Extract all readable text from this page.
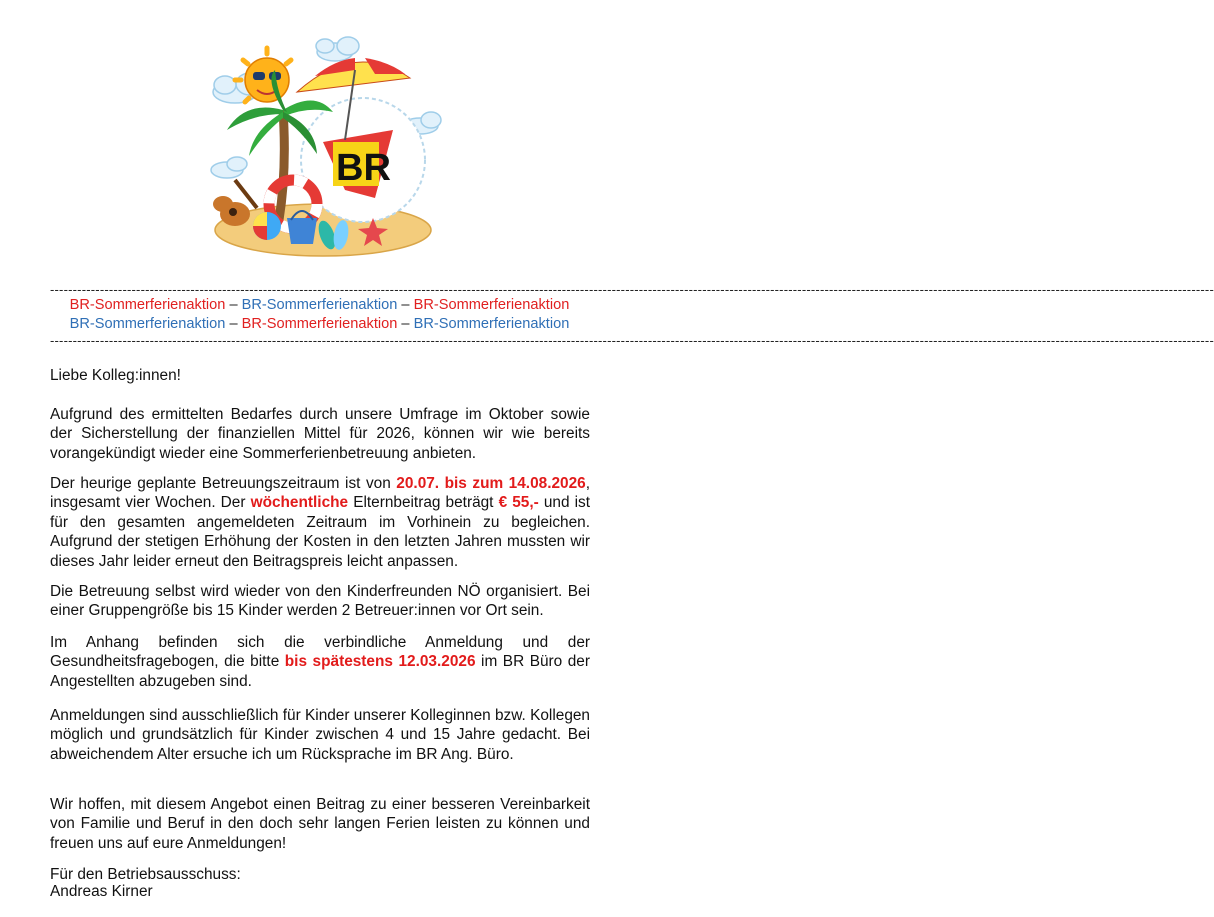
BR
-----------------------------------------------------------------------------------------------------------------------------------------------------------------------------------------------------------------------------------------------------------------
BR-Sommerferienaktion – BR-Sommerferienaktion – BR-Sommerferienaktion
BR-Sommerferienaktion – BR-Sommerferienaktion – BR-Sommerferienaktion
-----------------------------------------------------------------------------------------------------------------------------------------------------------------------------------------------------------------------------------------------------------------

Liebe Kolleg:innen!

Aufgrund des ermittelten Bedarfes durch unsere Umfrage im Oktober sowie der Sicherstellung der finanziellen Mittel für 2026, können wir wie bereits vorangekündigt wieder eine Sommerferienbetreuung anbieten.

Der heurige geplante Betreuungszeitraum ist von 20.07. bis zum 14.08.2026, insgesamt vier Wochen. Der wöchentliche Elternbeitrag beträgt € 55,- und ist für den gesamten angemeldeten Zeitraum im Vorhinein zu begleichen. Aufgrund der stetigen Erhöhung der Kosten in den letzten Jahren mussten wir dieses Jahr leider erneut den Beitragspreis leicht anpassen.

Die Betreuung selbst wird wieder von den Kinderfreunden NÖ organisiert. Bei einer Gruppengröße bis 15 Kinder werden 2 Betreuer:innen vor Ort sein.

Im Anhang befinden sich die verbindliche Anmeldung und der Gesundheitsfragebogen, die bitte bis spätestens 12.03.2026 im BR Büro der Angestellten abzugeben sind.

Anmeldungen sind ausschließlich für Kinder unserer Kolleginnen bzw. Kollegen möglich und grundsätzlich für Kinder zwischen 4 und 15 Jahre gedacht. Bei abweichendem Alter ersuche ich um Rücksprache im BR Ang. Büro.

Wir hoffen, mit diesem Angebot einen Beitrag zu einer besseren Vereinbarkeit von Familie und Beruf in den doch sehr langen Ferien leisten zu können und freuen uns auf eure Anmeldungen!

Für den Betriebsausschuss:
Andreas Kirner
